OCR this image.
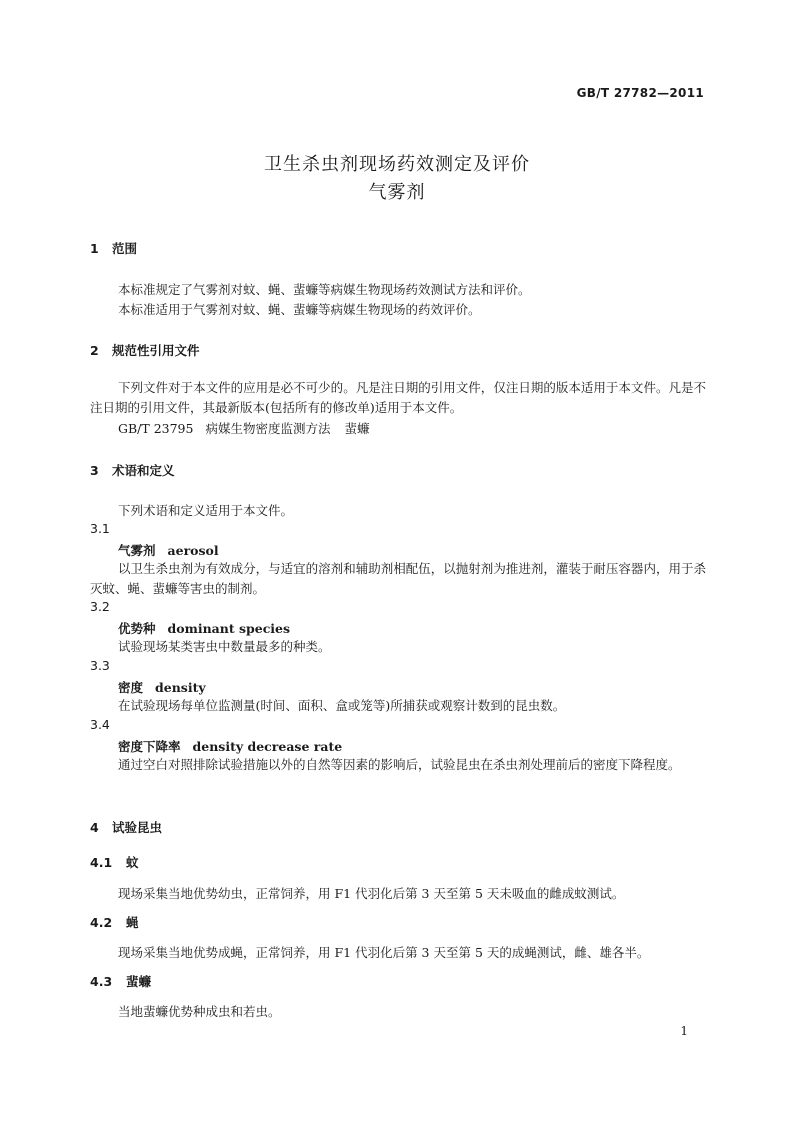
GB/T 27782—2011
卫生杀虫剂现场药效测定及评价
气雾剂
1 范围
本标准规定了气雾剂对蚊、蝇、蜚蠊等病媒生物现场药效测试方法和评价。
本标准适用于气雾剂对蚊、蝇、蜚蠊等病媒生物现场的药效评价。
2 规范性引用文件
下列文件对于本文件的应用是必不可少的。凡是注日期的引用文件，仅注日期的版本适用于本文件。凡是不注日期的引用文件，其最新版本(包括所有的修改单)适用于本文件。
GB/T 23795 病媒生物密度监测方法 蜚蠊
3 术语和定义
下列术语和定义适用于本文件。
3.1
气雾剂 aerosol
以卫生杀虫剂为有效成分，与适宜的溶剂和辅助剂相配伍，以抛射剂为推进剂，灌装于耐压容器内，用于杀灭蚊、蝇、蜚蠊等害虫的制剂。
3.2
优势种 dominant species
试验现场某类害虫中数量最多的种类。
3.3
密度 density
在试验现场每单位监测量(时间、面积、盒或笼等)所捕获或观察计数到的昆虫数。
3.4
密度下降率 density decrease rate
通过空白对照排除试验措施以外的自然等因素的影响后，试验昆虫在杀虫剂处理前后的密度下降程度。
4 试验昆虫
4.1 蚊
现场采集当地优势幼虫，正常饲养，用 F1 代羽化后第 3 天至第 5 天未吸血的雌成蚊测试。
4.2 蝇
现场采集当地优势成蝇，正常饲养，用 F1 代羽化后第 3 天至第 5 天的成蝇测试，雌、雄各半。
4.3 蜚蠊
当地蜚蠊优势种成虫和若虫。
1
